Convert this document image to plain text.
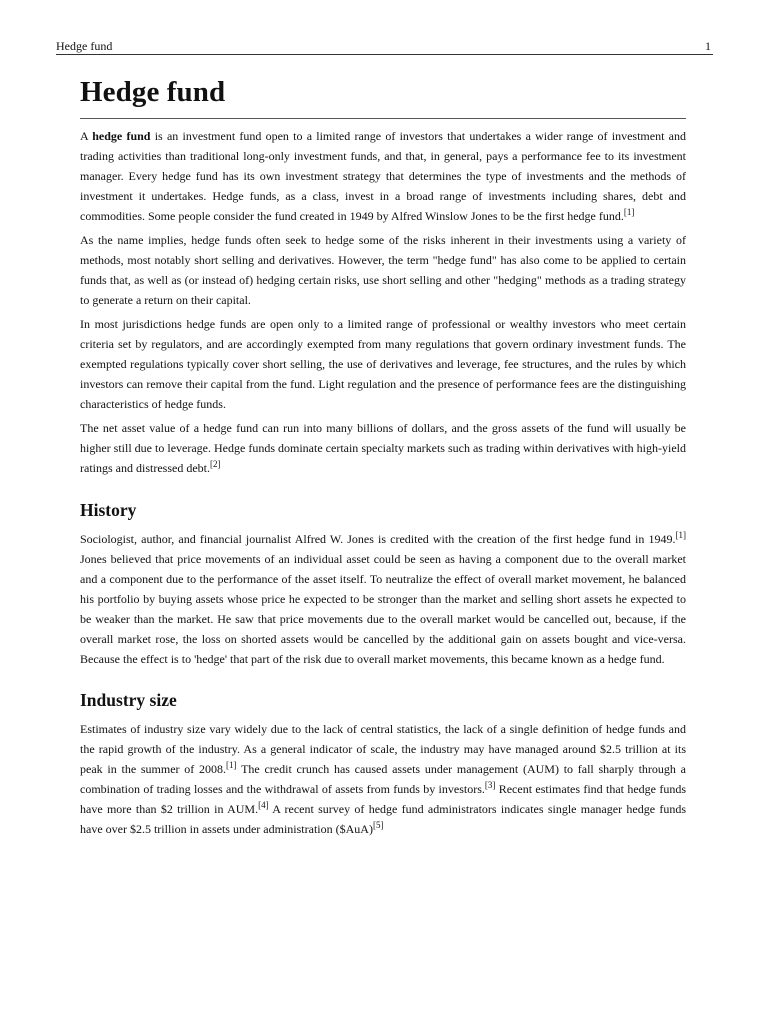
Hedge fund	1
Hedge fund

A hedge fund is an investment fund open to a limited range of investors that undertakes a wider range of investment and trading activities than traditional long-only investment funds, and that, in general, pays a performance fee to its investment manager. Every hedge fund has its own investment strategy that determines the type of investments and the methods of investment it undertakes. Hedge funds, as a class, invest in a broad range of investments including shares, debt and commodities. Some people consider the fund created in 1949 by Alfred Winslow Jones to be the first hedge fund.[1]

As the name implies, hedge funds often seek to hedge some of the risks inherent in their investments using a variety of methods, most notably short selling and derivatives. However, the term "hedge fund" has also come to be applied to certain funds that, as well as (or instead of) hedging certain risks, use short selling and other "hedging" methods as a trading strategy to generate a return on their capital.

In most jurisdictions hedge funds are open only to a limited range of professional or wealthy investors who meet certain criteria set by regulators, and are accordingly exempted from many regulations that govern ordinary investment funds. The exempted regulations typically cover short selling, the use of derivatives and leverage, fee structures, and the rules by which investors can remove their capital from the fund. Light regulation and the presence of performance fees are the distinguishing characteristics of hedge funds.

The net asset value of a hedge fund can run into many billions of dollars, and the gross assets of the fund will usually be higher still due to leverage. Hedge funds dominate certain specialty markets such as trading within derivatives with high-yield ratings and distressed debt.[2]

History

Sociologist, author, and financial journalist Alfred W. Jones is credited with the creation of the first hedge fund in 1949.[1] Jones believed that price movements of an individual asset could be seen as having a component due to the overall market and a component due to the performance of the asset itself. To neutralize the effect of overall market movement, he balanced his portfolio by buying assets whose price he expected to be stronger than the market and selling short assets he expected to be weaker than the market. He saw that price movements due to the overall market would be cancelled out, because, if the overall market rose, the loss on shorted assets would be cancelled by the additional gain on assets bought and vice-versa. Because the effect is to 'hedge' that part of the risk due to overall market movements, this became known as a hedge fund.

Industry size

Estimates of industry size vary widely due to the lack of central statistics, the lack of a single definition of hedge funds and the rapid growth of the industry. As a general indicator of scale, the industry may have managed around $2.5 trillion at its peak in the summer of 2008.[1] The credit crunch has caused assets under management (AUM) to fall sharply through a combination of trading losses and the withdrawal of assets from funds by investors.[3] Recent estimates find that hedge funds have more than $2 trillion in AUM.[4] A recent survey of hedge fund administrators indicates single manager hedge funds have over $2.5 trillion in assets under administration ($AuA)[5]
